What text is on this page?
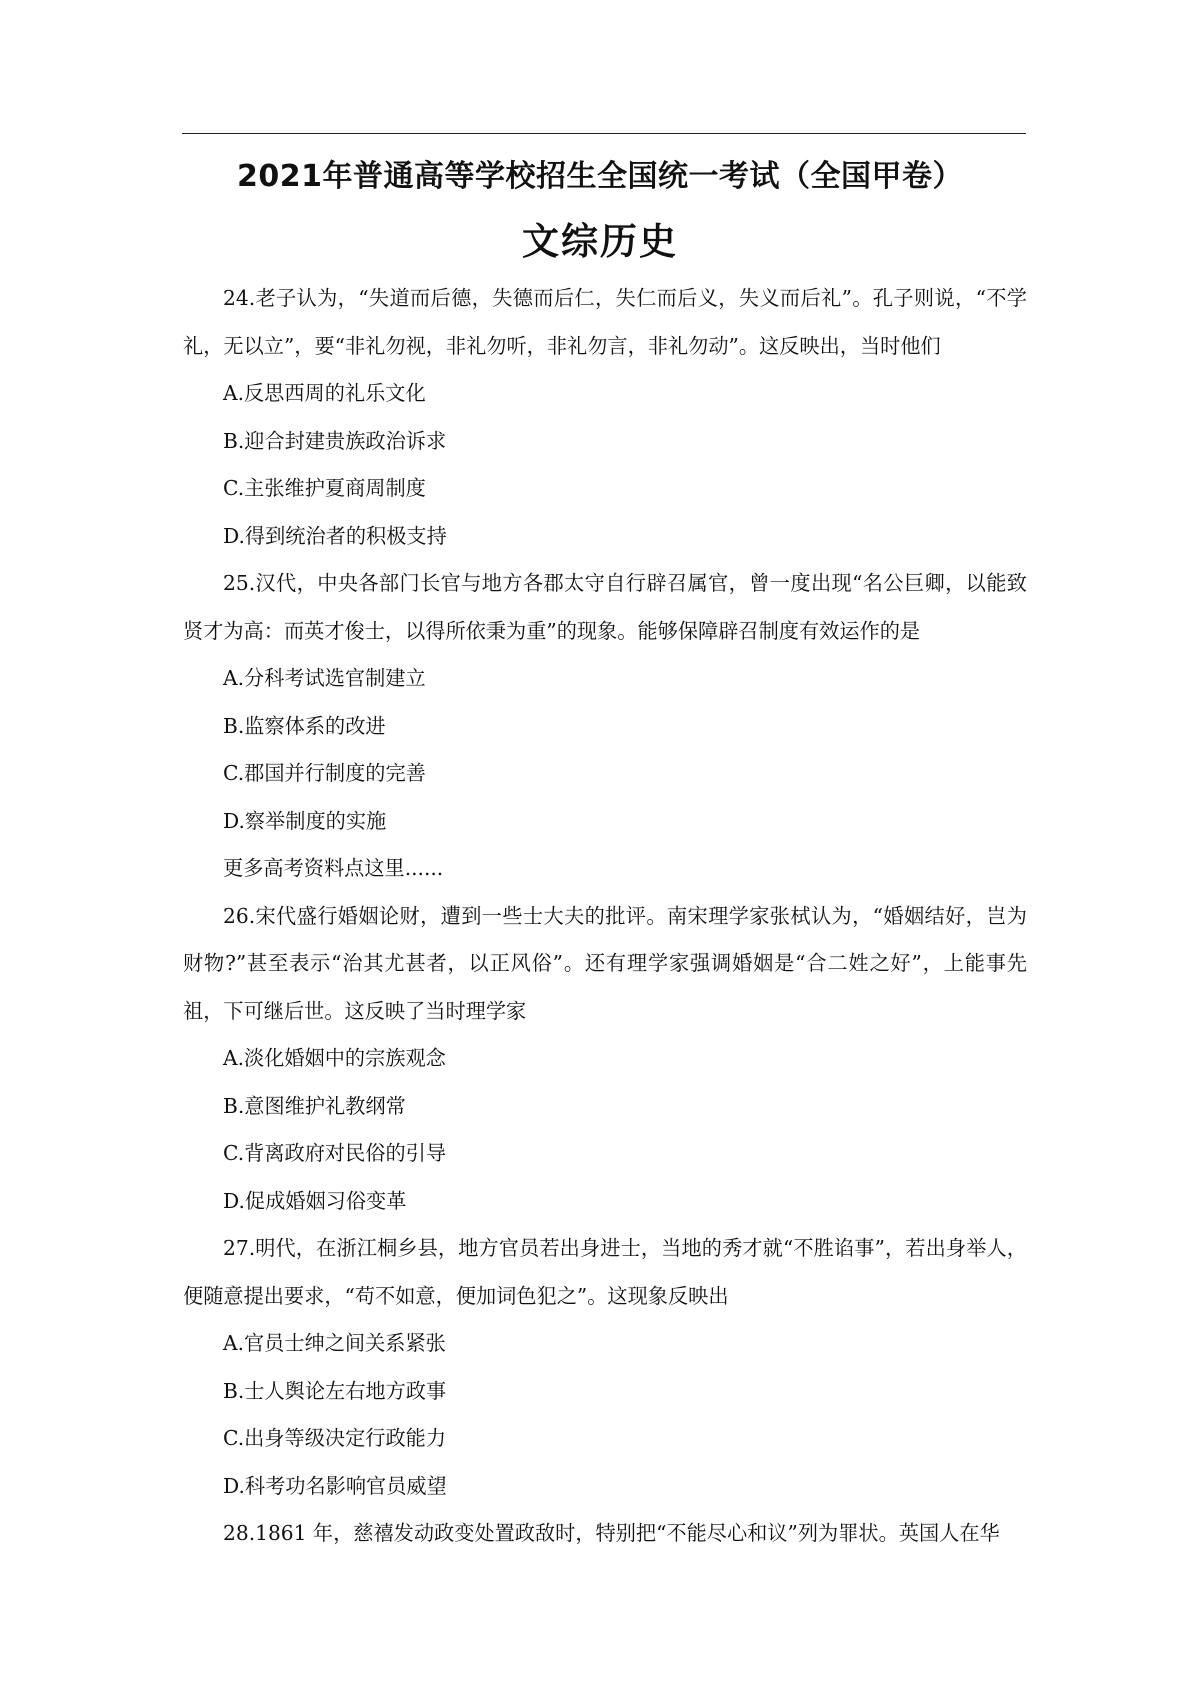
2021年普通高等学校招生全国统一考试（全国甲卷）
文综历史

24.老子认为，“失道而后德，失德而后仁，失仁而后义，失义而后礼”。孔子则说，“不学礼，无以立”，要“非礼勿视，非礼勿听，非礼勿言，非礼勿动”。这反映出，当时他们

A.反思西周的礼乐文化

B.迎合封建贵族政治诉求

C.主张维护夏商周制度

D.得到统治者的积极支持

25.汉代，中央各部门长官与地方各郡太守自行辟召属官，曾一度出现“名公巨卿，以能致贤才为高：而英才俊士，以得所依秉为重”的现象。能够保障辟召制度有效运作的是

A.分科考试选官制建立

B.监察体系的改进

C.郡国并行制度的完善

D.察举制度的实施

更多高考资料点这里......

26.宋代盛行婚姻论财，遭到一些士大夫的批评。南宋理学家张栻认为，“婚姻结好，岂为财物?”甚至表示“治其尤甚者，以正风俗”。还有理学家强调婚姻是“合二姓之好”，上能事先祖，下可继后世。这反映了当时理学家

A.淡化婚姻中的宗族观念

B.意图维护礼教纲常

C.背离政府对民俗的引导

D.促成婚姻习俗变革

27.明代，在浙江桐乡县，地方官员若出身进士，当地的秀才就“不胜谄事”，若出身举人，便随意提出要求，“苟不如意，便加词色犯之”。这现象反映出

A.官员士绅之间关系紧张

B.士人舆论左右地方政事

C.出身等级决定行政能力

D.科考功名影响官员威望

28.1861 年，慈禧发动政变处置政敌时，特别把“不能尽心和议”列为罪状。英国人在华
